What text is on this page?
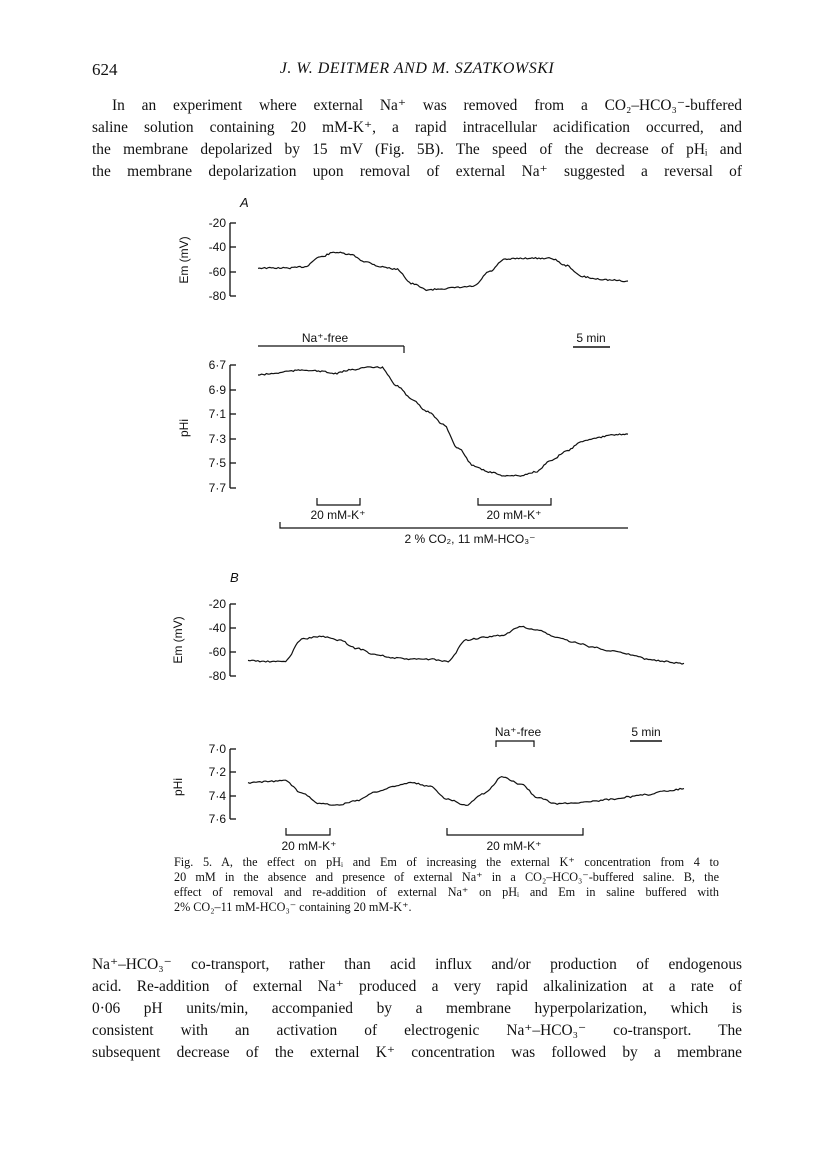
624	J. W. DEITMER AND M. SZATKOWSKI

In an experiment where external Na⁺ was removed from a CO₂–HCO₃⁻-buffered
saline solution containing 20 mM-K⁺, a rapid intracellular acidification occurred, and
the membrane depolarized by 15 mV (Fig. 5B). The speed of the decrease of pHᵢ and
the membrane depolarization upon removal of external Na⁺ suggested a reversal of

A
-20
-40
-60
-80
Em (mV)
Na⁺-free	5 min
6·7
6·9
7·1
7·3
7·5
7·7
pHi
20 mM-K⁺	20 mM-K⁺
2 % CO₂, 11 mM-HCO₃⁻
B
-20
-40
-60
-80
Em (mV)
Na⁺-free	5 min
7·0
7·2
7·4
7·6
pHi
20 mM-K⁺	20 mM-K⁺

Fig. 5. A, the effect on pHᵢ and Em of increasing the external K⁺ concentration from 4 to
20 mM in the absence and presence of external Na⁺ in a CO₂–HCO₃⁻-buffered saline. B, the
effect of removal and re-addition of external Na⁺ on pHᵢ and Em in saline buffered with
2% CO₂–11 mM-HCO₃⁻ containing 20 mM-K⁺.

Na⁺–HCO₃⁻ co-transport, rather than acid influx and/or production of endogenous
acid. Re-addition of external Na⁺ produced a very rapid alkalinization at a rate of
0·06 pH units/min, accompanied by a membrane hyperpolarization, which is
consistent with an activation of electrogenic Na⁺–HCO₃⁻ co-transport. The
subsequent decrease of the external K⁺ concentration was followed by a membrane
